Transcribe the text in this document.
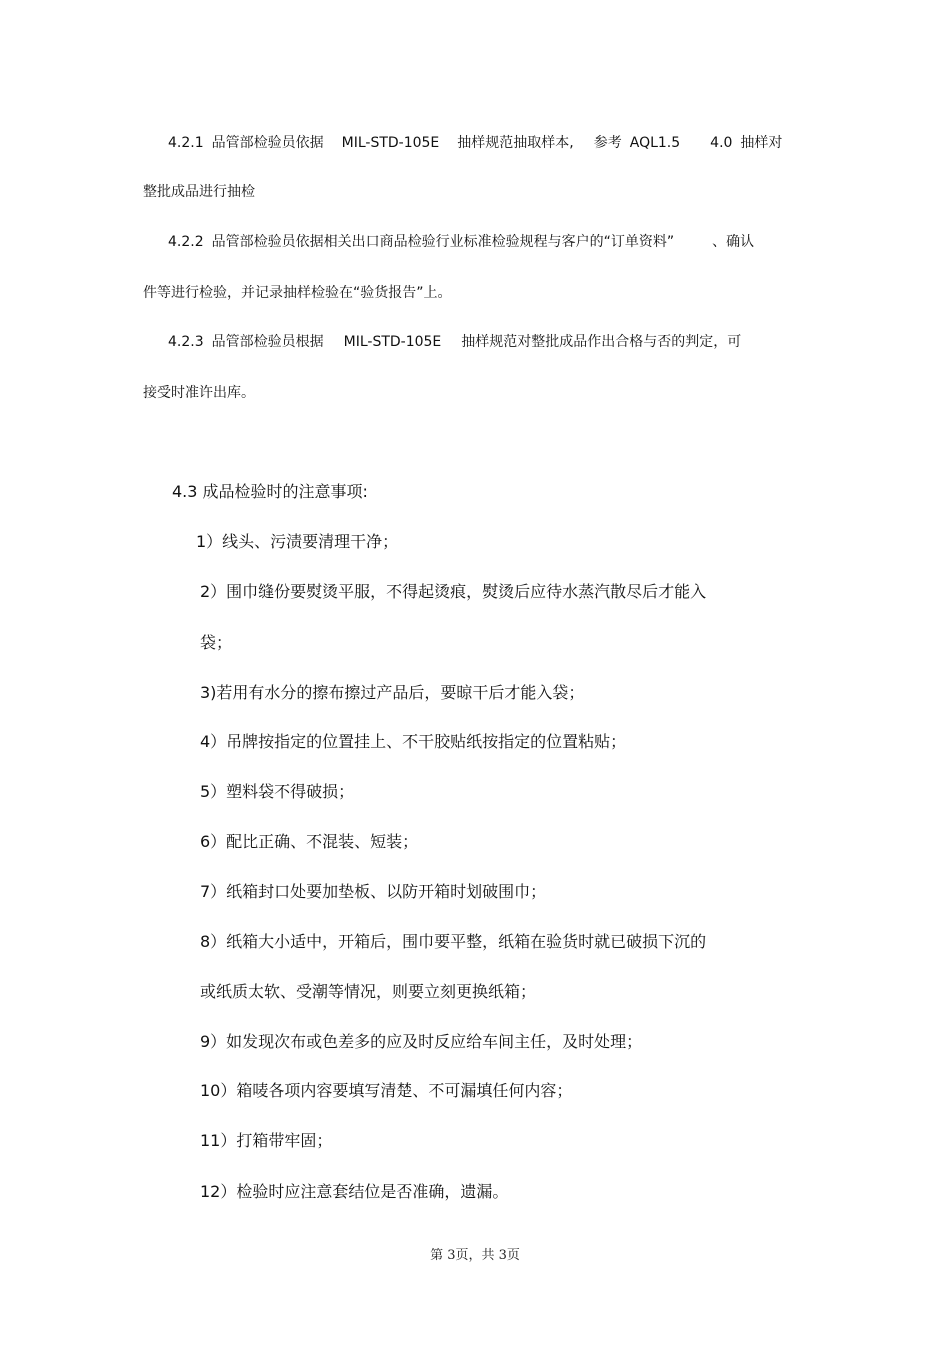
4.2.1 品管部检验员依据 MIL-STD-105E 抽样规范抽取样本, 参考 AQL1.5 4.0 抽样对

整批成品进行抽检

4.2.2 品管部检验员依据相关出口商品检验行业标准检验规程与客户的“订单资料”	、确认

件等进行检验，并记录抽样检验在“验货报告”上。

4.2.3 品管部检验员根据 MIL-STD-105E 抽样规范对整批成品作出合格与否的判定，可

接受时准许出库。

4.3 成品检验时的注意事项:

1）线头、污渍要清理干净；

2）围巾缝份要熨烫平服，不得起烫痕，熨烫后应待水蒸汽散尽后才能入

袋；

3)若用有水分的擦布擦过产品后，要晾干后才能入袋；

4）吊牌按指定的位置挂上、不干胶贴纸按指定的位置粘贴；

5）塑料袋不得破损；

6）配比正确、不混装、短装；

7）纸箱封口处要加垫板、以防开箱时划破围巾；

8）纸箱大小适中，开箱后，围巾要平整，纸箱在验货时就已破损下沉的

或纸质太软、受潮等情况，则要立刻更换纸箱；

9）如发现次布或色差多的应及时反应给车间主任，及时处理；

10）箱唛各项内容要填写清楚、不可漏填任何内容；

11）打箱带牢固；

12）检验时应注意套结位是否准确，遗漏。

第 3页，共 3页
